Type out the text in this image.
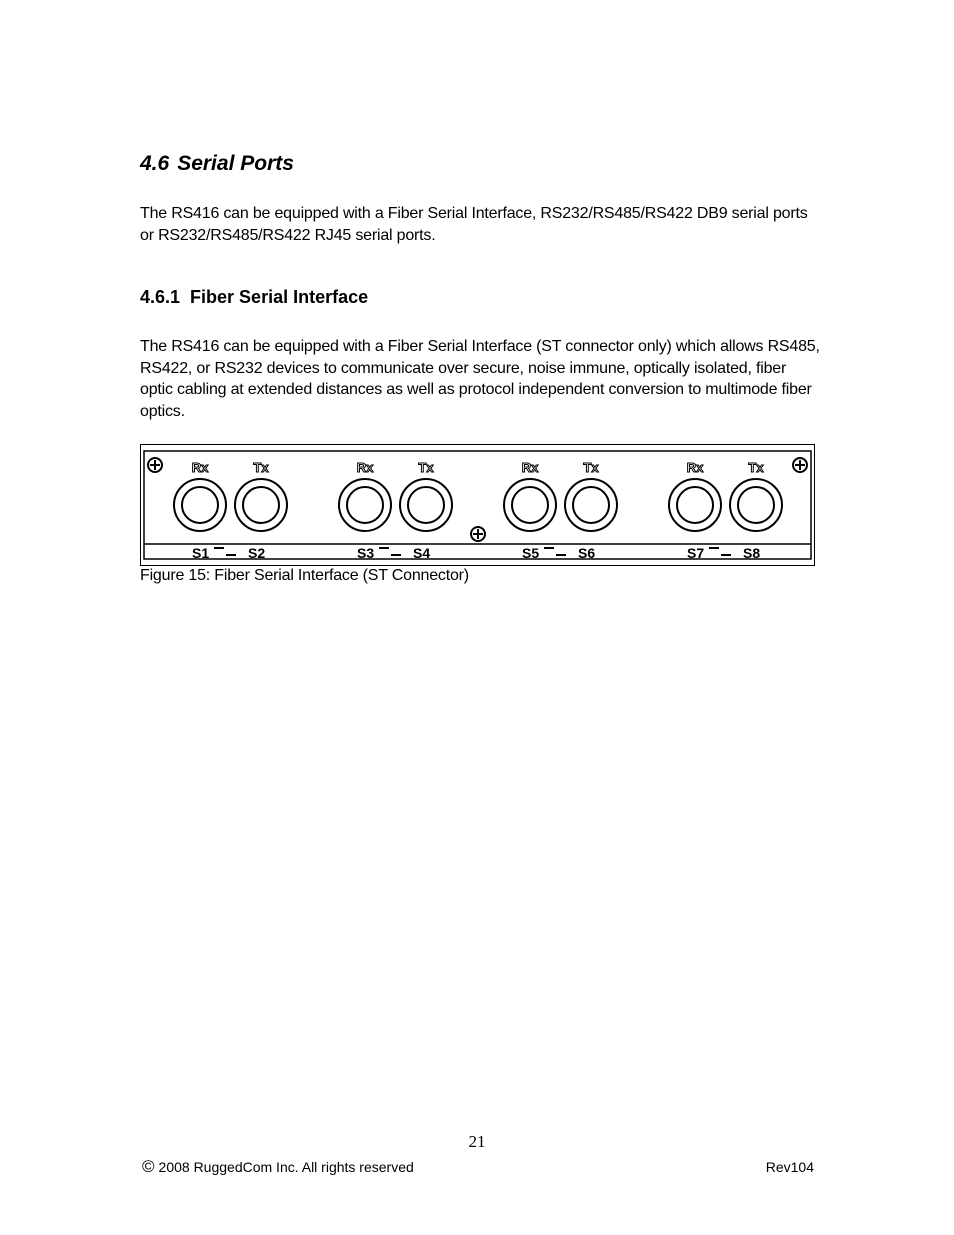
4.6 Serial Ports
The RS416 can be equipped with a Fiber Serial Interface, RS232/RS485/RS422 DB9 serial ports or RS232/RS485/RS422 RJ45 serial ports.
4.6.1 Fiber Serial Interface
The RS416 can be equipped with a Fiber Serial Interface (ST connector only) which allows RS485, RS422, or RS232 devices to communicate over secure, noise immune, optically isolated, fiber optic cabling at extended distances as well as protocol independent conversion to multimode fiber optics.
Rx	Tx
S1	S2
Rx	Tx
S3	S4
Rx	Tx
S5	S6
Rx	Tx
S7	S8
Figure 15: Fiber Serial Interface (ST Connector)
21
© 2008 RuggedCom Inc. All rights reserved	Rev104
